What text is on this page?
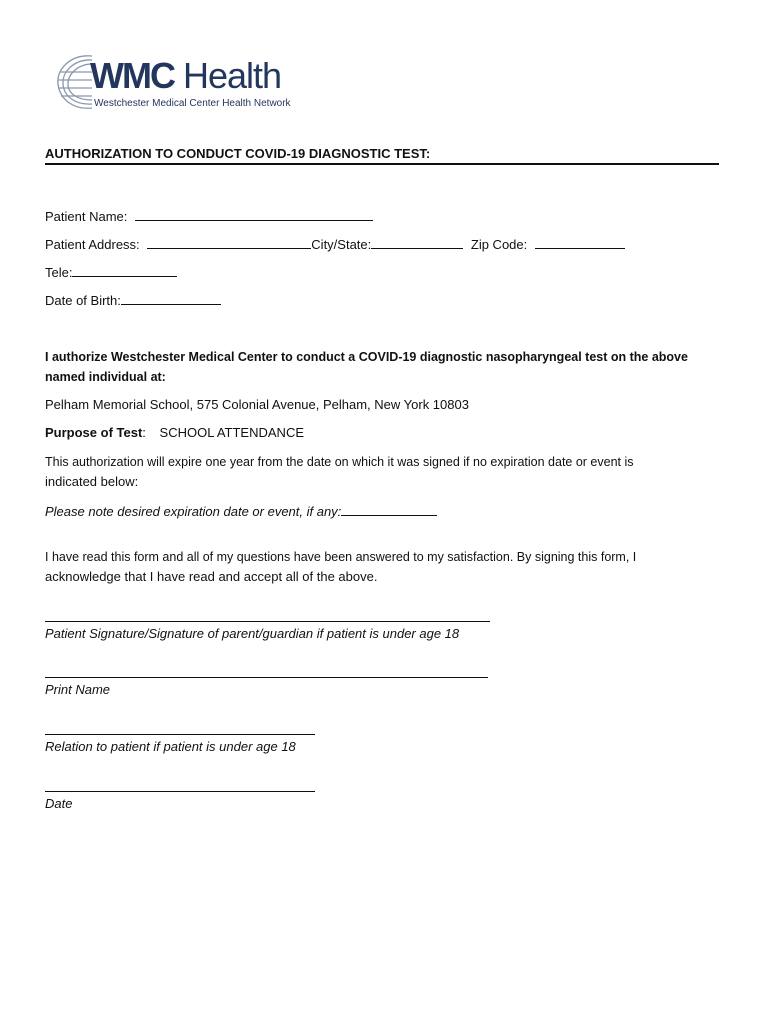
WMC Health
Westchester Medical Center Health Network
AUTHORIZATION TO CONDUCT COVID-19 DIAGNOSTIC TEST:
Patient Name:
Patient Address:	City/State:	Zip Code:
Tele:
Date of Birth:
I authorize Westchester Medical Center to conduct a COVID-19 diagnostic nasopharyngeal test on the above
named individual at:
Pelham Memorial School, 575 Colonial Avenue, Pelham, New York 10803
Purpose of Test: SCHOOL ATTENDANCE
This authorization will expire one year from the date on which it was signed if no expiration date or event is
indicated below:
Please note desired expiration date or event, if any:
I have read this form and all of my questions have been answered to my satisfaction. By signing this form, I
acknowledge that I have read and accept all of the above.
Patient Signature/Signature of parent/guardian if patient is under age 18
Print Name
Relation to patient if patient is under age 18
Date
